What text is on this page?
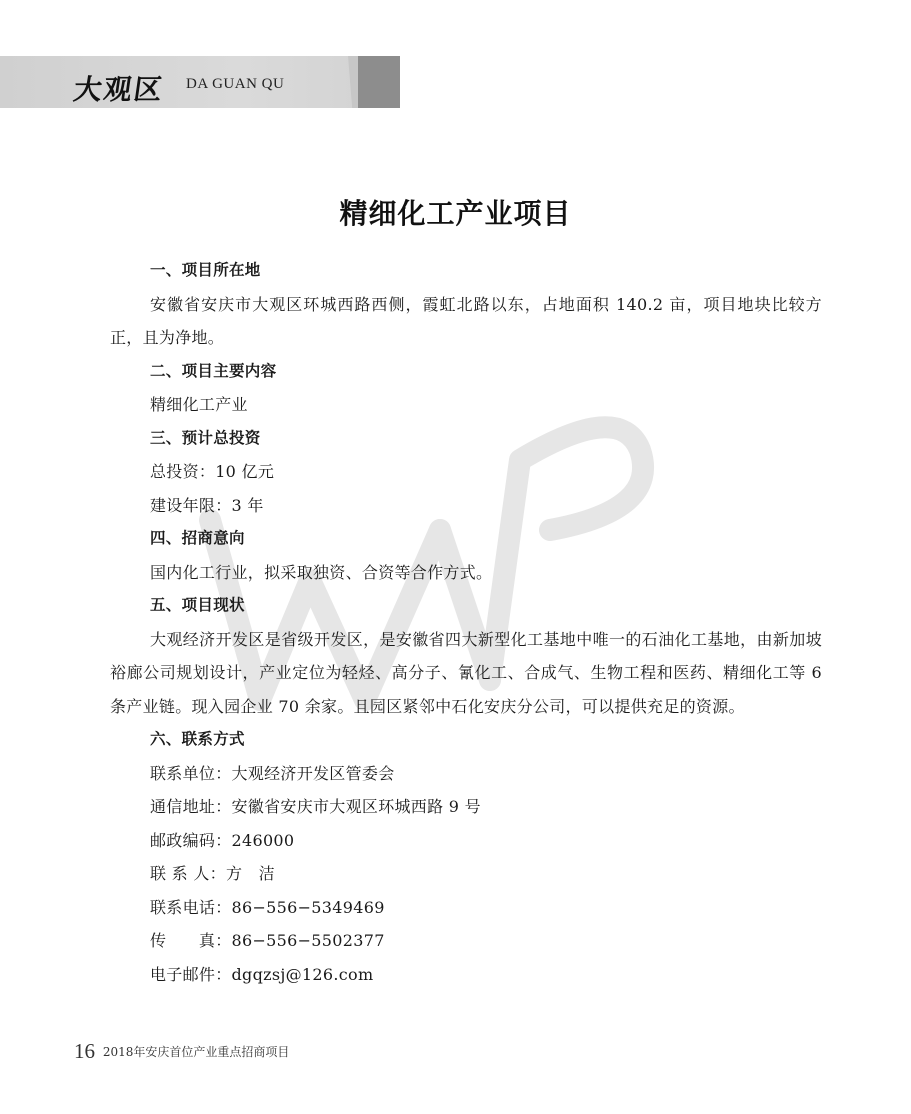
大观区 DA GUAN QU
精细化工产业项目

一、项目所在地

安徽省安庆市大观区环城西路西侧，霞虹北路以东，占地面积 140.2 亩，项目地块比较方正，且为净地。

二、项目主要内容

精细化工产业

三、预计总投资

总投资：10 亿元

建设年限：3 年

四、招商意向

国内化工行业，拟采取独资、合资等合作方式。

五、项目现状

大观经济开发区是省级开发区，是安徽省四大新型化工基地中唯一的石油化工基地，由新加坡裕廊公司规划设计，产业定位为轻烃、高分子、氰化工、合成气、生物工程和医药、精细化工等 6 条产业链。现入园企业 70 余家。且园区紧邻中石化安庆分公司，可以提供充足的资源。

六、联系方式

联系单位：大观经济开发区管委会

通信地址：安徽省安庆市大观区环城西路 9 号

邮政编码：246000

联 系 人：方　洁

联系电话：86−556−5349469

传　　真：86−556−5502377

电子邮件：dgqzsj@126.com

16 2018年安庆首位产业重点招商项目
